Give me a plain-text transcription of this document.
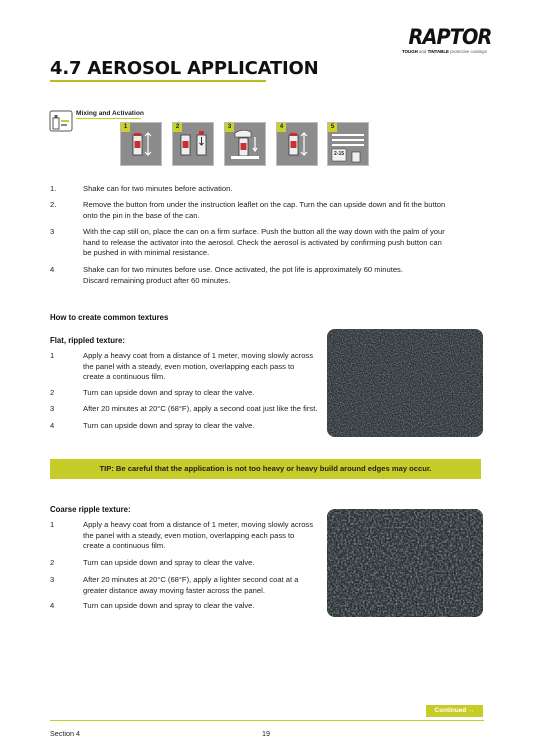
RAPTOR
TOUGH and TINTABLE protective coatings
4.7 AEROSOL APPLICATION
Mixing and Activation
1	2	3	4	5
2-15
1.	Shake can for two minutes before activation.
2.	Remove the button from under the instruction leaflet on the cap. Turn the can upside down and fit the button onto the pin in the base of the can.
3	With the cap still on, place the can on a firm surface. Push the button all the way down with the palm of your hand to release the activator into the aerosol. Check the aerosol is activated by confirming push button can be pushed in with minimal resistance.
4	Shake can for two minutes before use. Once activated, the pot life is approximately 60 minutes. Discard remaining product after 60 minutes.
How to create common textures
Flat, rippled texture:
1	Apply a heavy coat from a distance of 1 meter, moving slowly across the panel with a steady, even motion, overlapping each pass to create a continuous film.
2	Turn can upside down and spray to clear the valve.
3	After 20 minutes at 20°C (68°F), apply a second coat just like the first.
4	Turn can upside down and spray to clear the valve.
TIP: Be careful that the application is not too heavy or heavy build around edges may occur.
Coarse ripple texture:
1	Apply a heavy coat from a distance of 1 meter, moving slowly across the panel with a steady, even motion, overlapping each pass to create a continuous film.
2	Turn can upside down and spray to clear the valve.
3	After 20 minutes at 20°C (68°F), apply a lighter second coat at a greater distance away moving faster across the panel.
4	Turn can upside down and spray to clear the valve.
Continued →
Section 4	19
